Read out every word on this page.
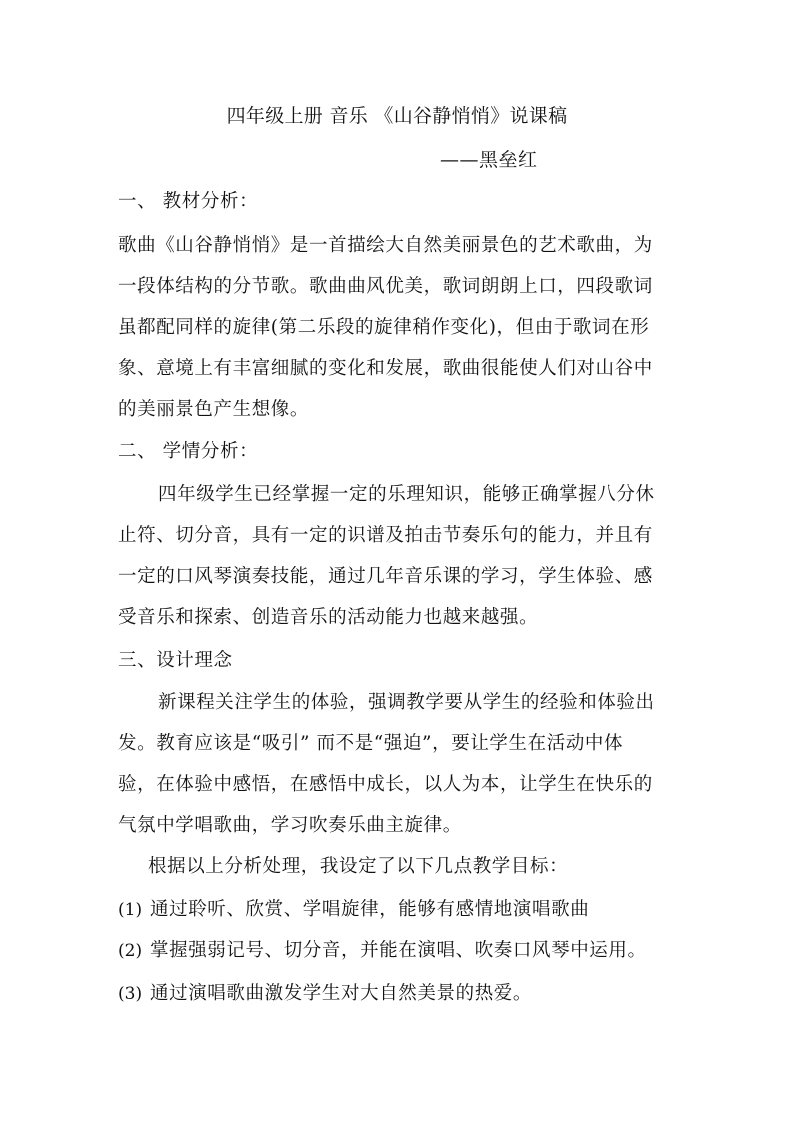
四年级上册 音乐 《山谷静悄悄》说课稿
——黑垒红
一、 教材分析：
歌曲《山谷静悄悄》是一首描绘大自然美丽景色的艺术歌曲，为
一段体结构的分节歌。歌曲曲风优美，歌词朗朗上口，四段歌词
虽都配同样的旋律(第二乐段的旋律稍作变化)，但由于歌词在形
象、意境上有丰富细腻的变化和发展，歌曲很能使人们对山谷中
的美丽景色产生想像。
二、 学情分析：
四年级学生已经掌握一定的乐理知识，能够正确掌握八分休
止符、切分音，具有一定的识谱及拍击节奏乐句的能力，并且有
一定的口风琴演奏技能，通过几年音乐课的学习，学生体验、感
受音乐和探索、创造音乐的活动能力也越来越强。
三、设计理念
新课程关注学生的体验，强调教学要从学生的经验和体验出
发。教育应该是“吸引” 而不是“强迫”，要让学生在活动中体
验，在体验中感悟，在感悟中成长，以人为本，让学生在快乐的
气氛中学唱歌曲，学习吹奏乐曲主旋律。
根据以上分析处理，我设定了以下几点教学目标：
(1) 通过聆听、欣赏、学唱旋律，能够有感情地演唱歌曲
(2) 掌握强弱记号、切分音，并能在演唱、吹奏口风琴中运用。
(3) 通过演唱歌曲激发学生对大自然美景的热爱。
